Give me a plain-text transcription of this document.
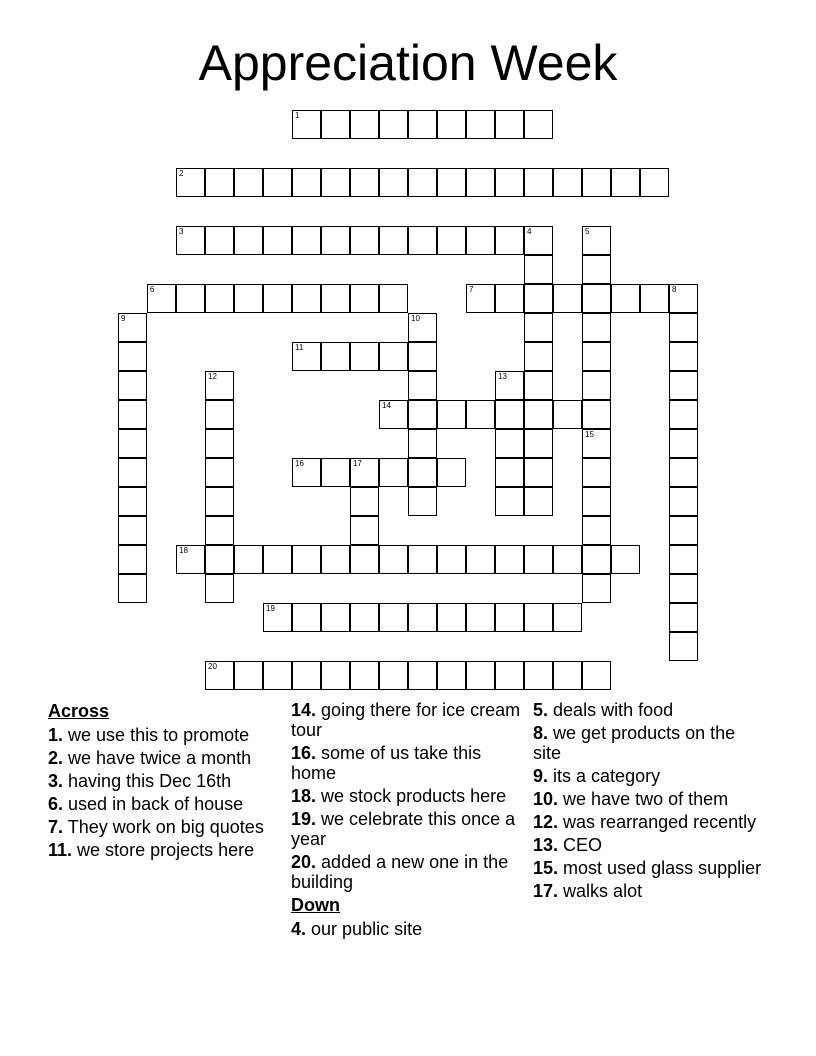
Appreciation Week
1
2
3
6	7	8
11
14
16	17
18
19
20
4	5
9	10
12	13
15
Across
1. we use this to promote
2. we have twice a month
3. having this Dec 16th
6. used in back of house
7. They work on big quotes
11. we store projects here
14. going there for ice cream tour
16. some of us take this home
18. we stock products here
19. we celebrate this once a year
20. added a new one in the building
Down
4. our public site
5. deals with food
8. we get products on the site
9. its a category
10. we have two of them
12. was rearranged recently
13. CEO
15. most used glass supplier
17. walks alot
